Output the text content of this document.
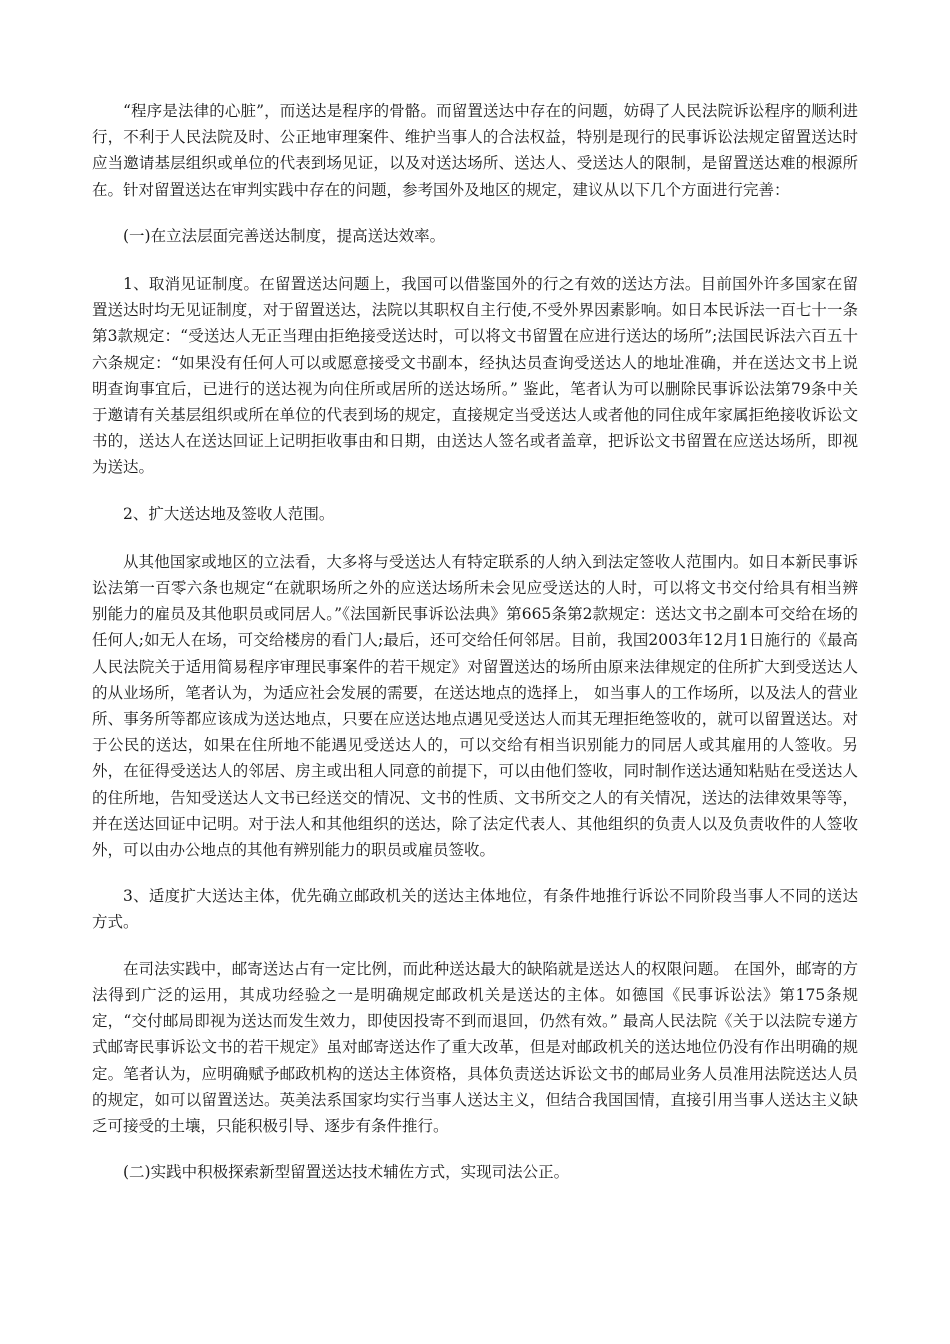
“程序是法律的心脏”，而送达是程序的骨骼。而留置送达中存在的问题，妨碍了人民法院诉讼程序的顺利进行，不利于人民法院及时、公正地审理案件、维护当事人的合法权益，特别是现行的民事诉讼法规定留置送达时应当邀请基层组织或单位的代表到场见证，以及对送达场所、送达人、受送达人的限制，是留置送达难的根源所在。针对留置送达在审判实践中存在的问题，参考国外及地区的规定，建议从以下几个方面进行完善：

(一)在立法层面完善送达制度，提高送达效率。

1、取消见证制度。在留置送达问题上，我国可以借鉴国外的行之有效的送达方法。目前国外许多国家在留置送达时均无见证制度，对于留置送达，法院以其职权自主行使,不受外界因素影响。如日本民诉法一百七十一条第3款规定：“受送达人无正当理由拒绝接受送达时，可以将文书留置在应进行送达的场所”;法国民诉法六百五十六条规定：“如果没有任何人可以或愿意接受文书副本，经执达员查询受送达人的地址准确，并在送达文书上说明查询事宜后，已进行的送达视为向住所或居所的送达场所。” 鉴此，笔者认为可以删除民事诉讼法第79条中关于邀请有关基层组织或所在单位的代表到场的规定，直接规定当受送达人或者他的同住成年家属拒绝接收诉讼文书的，送达人在送达回证上记明拒收事由和日期，由送达人签名或者盖章，把诉讼文书留置在应送达场所，即视为送达。

2、扩大送达地及签收人范围。

从其他国家或地区的立法看，大多将与受送达人有特定联系的人纳入到法定签收人范围内。如日本新民事诉讼法第一百零六条也规定“在就职场所之外的应送达场所未会见应受送达的人时，可以将文书交付给具有相当辨别能力的雇员及其他职员或同居人。”《法国新民事诉讼法典》第665条第2款规定：送达文书之副本可交给在场的任何人;如无人在场，可交给楼房的看门人;最后，还可交给任何邻居。目前，我国2003年12月1日施行的《最高人民法院关于适用简易程序审理民事案件的若干规定》对留置送达的场所由原来法律规定的住所扩大到受送达人的从业场所，笔者认为，为适应社会发展的需要，在送达地点的选择上， 如当事人的工作场所，以及法人的营业所、事务所等都应该成为送达地点，只要在应送达地点遇见受送达人而其无理拒绝签收的，就可以留置送达。对于公民的送达，如果在住所地不能遇见受送达人的，可以交给有相当识别能力的同居人或其雇用的人签收。另外，在征得受送达人的邻居、房主或出租人同意的前提下，可以由他们签收，同时制作送达通知粘贴在受送达人的住所地，告知受送达人文书已经送交的情况、文书的性质、文书所交之人的有关情况，送达的法律效果等等，并在送达回证中记明。对于法人和其他组织的送达，除了法定代表人、其他组织的负责人以及负责收件的人签收外，可以由办公地点的其他有辨别能力的职员或雇员签收。

3、适度扩大送达主体，优先确立邮政机关的送达主体地位，有条件地推行诉讼不同阶段当事人不同的送达方式。

在司法实践中，邮寄送达占有一定比例，而此种送达最大的缺陷就是送达人的权限问题。 在国外，邮寄的方法得到广泛的运用，其成功经验之一是明确规定邮政机关是送达的主体。如德国《民事诉讼法》第175条规定，“交付邮局即视为送达而发生效力，即使因投寄不到而退回，仍然有效。” 最高人民法院《关于以法院专递方式邮寄民事诉讼文书的若干规定》虽对邮寄送达作了重大改革，但是对邮政机关的送达地位仍没有作出明确的规定。笔者认为，应明确赋予邮政机构的送达主体资格，具体负责送达诉讼文书的邮局业务人员准用法院送达人员的规定，如可以留置送达。英美法系国家均实行当事人送达主义，但结合我国国情，直接引用当事人送达主义缺乏可接受的土壤，只能积极引导、逐步有条件推行。

(二)实践中积极探索新型留置送达技术辅佐方式，实现司法公正。
